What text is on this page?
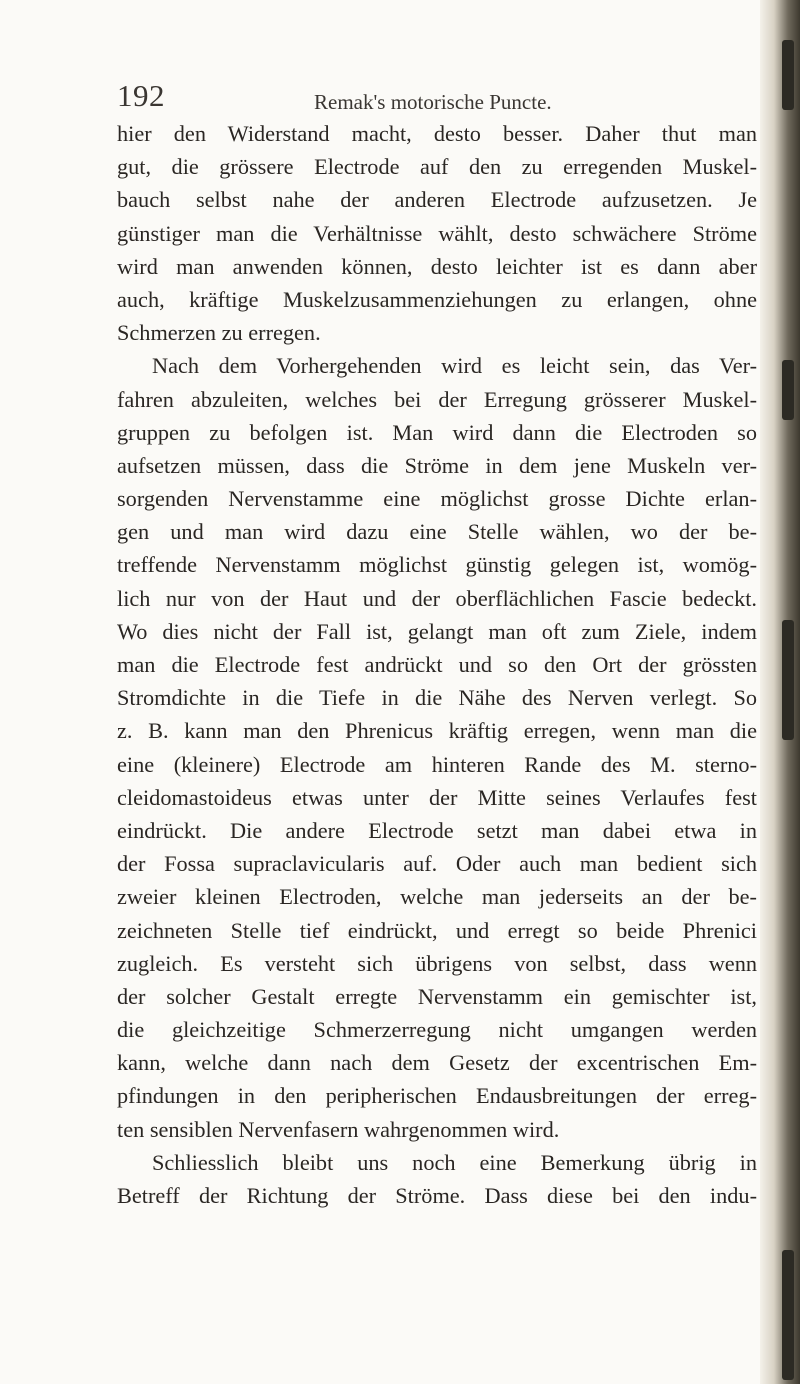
192	Remak's motorische Puncte.
hier den Widerstand macht, desto besser. Daher thut man
gut, die grössere Electrode auf den zu erregenden Muskel-
bauch selbst nahe der anderen Electrode aufzusetzen. Je
günstiger man die Verhältnisse wählt, desto schwächere Ströme
wird man anwenden können, desto leichter ist es dann aber
auch, kräftige Muskelzusammenziehungen zu erlangen, ohne
Schmerzen zu erregen.
Nach dem Vorhergehenden wird es leicht sein, das Ver-
fahren abzuleiten, welches bei der Erregung grösserer Muskel-
gruppen zu befolgen ist. Man wird dann die Electroden so
aufsetzen müssen, dass die Ströme in dem jene Muskeln ver-
sorgenden Nervenstamme eine möglichst grosse Dichte erlan-
gen und man wird dazu eine Stelle wählen, wo der be-
treffende Nervenstamm möglichst günstig gelegen ist, womög-
lich nur von der Haut und der oberflächlichen Fascie bedeckt.
Wo dies nicht der Fall ist, gelangt man oft zum Ziele, indem
man die Electrode fest andrückt und so den Ort der grössten
Stromdichte in die Tiefe in die Nähe des Nerven verlegt. So
z. B. kann man den Phrenicus kräftig erregen, wenn man die
eine (kleinere) Electrode am hinteren Rande des M. sterno-
cleidomastoideus etwas unter der Mitte seines Verlaufes fest
eindrückt. Die andere Electrode setzt man dabei etwa in
der Fossa supraclavicularis auf. Oder auch man bedient sich
zweier kleinen Electroden, welche man jederseits an der be-
zeichneten Stelle tief eindrückt, und erregt so beide Phrenici
zugleich. Es versteht sich übrigens von selbst, dass wenn
der solcher Gestalt erregte Nervenstamm ein gemischter ist,
die gleichzeitige Schmerzerregung nicht umgangen werden
kann, welche dann nach dem Gesetz der excentrischen Em-
pfindungen in den peripherischen Endausbreitungen der erreg-
ten sensiblen Nervenfasern wahrgenommen wird.
Schliesslich bleibt uns noch eine Bemerkung übrig in
Betreff der Richtung der Ströme. Dass diese bei den indu-
